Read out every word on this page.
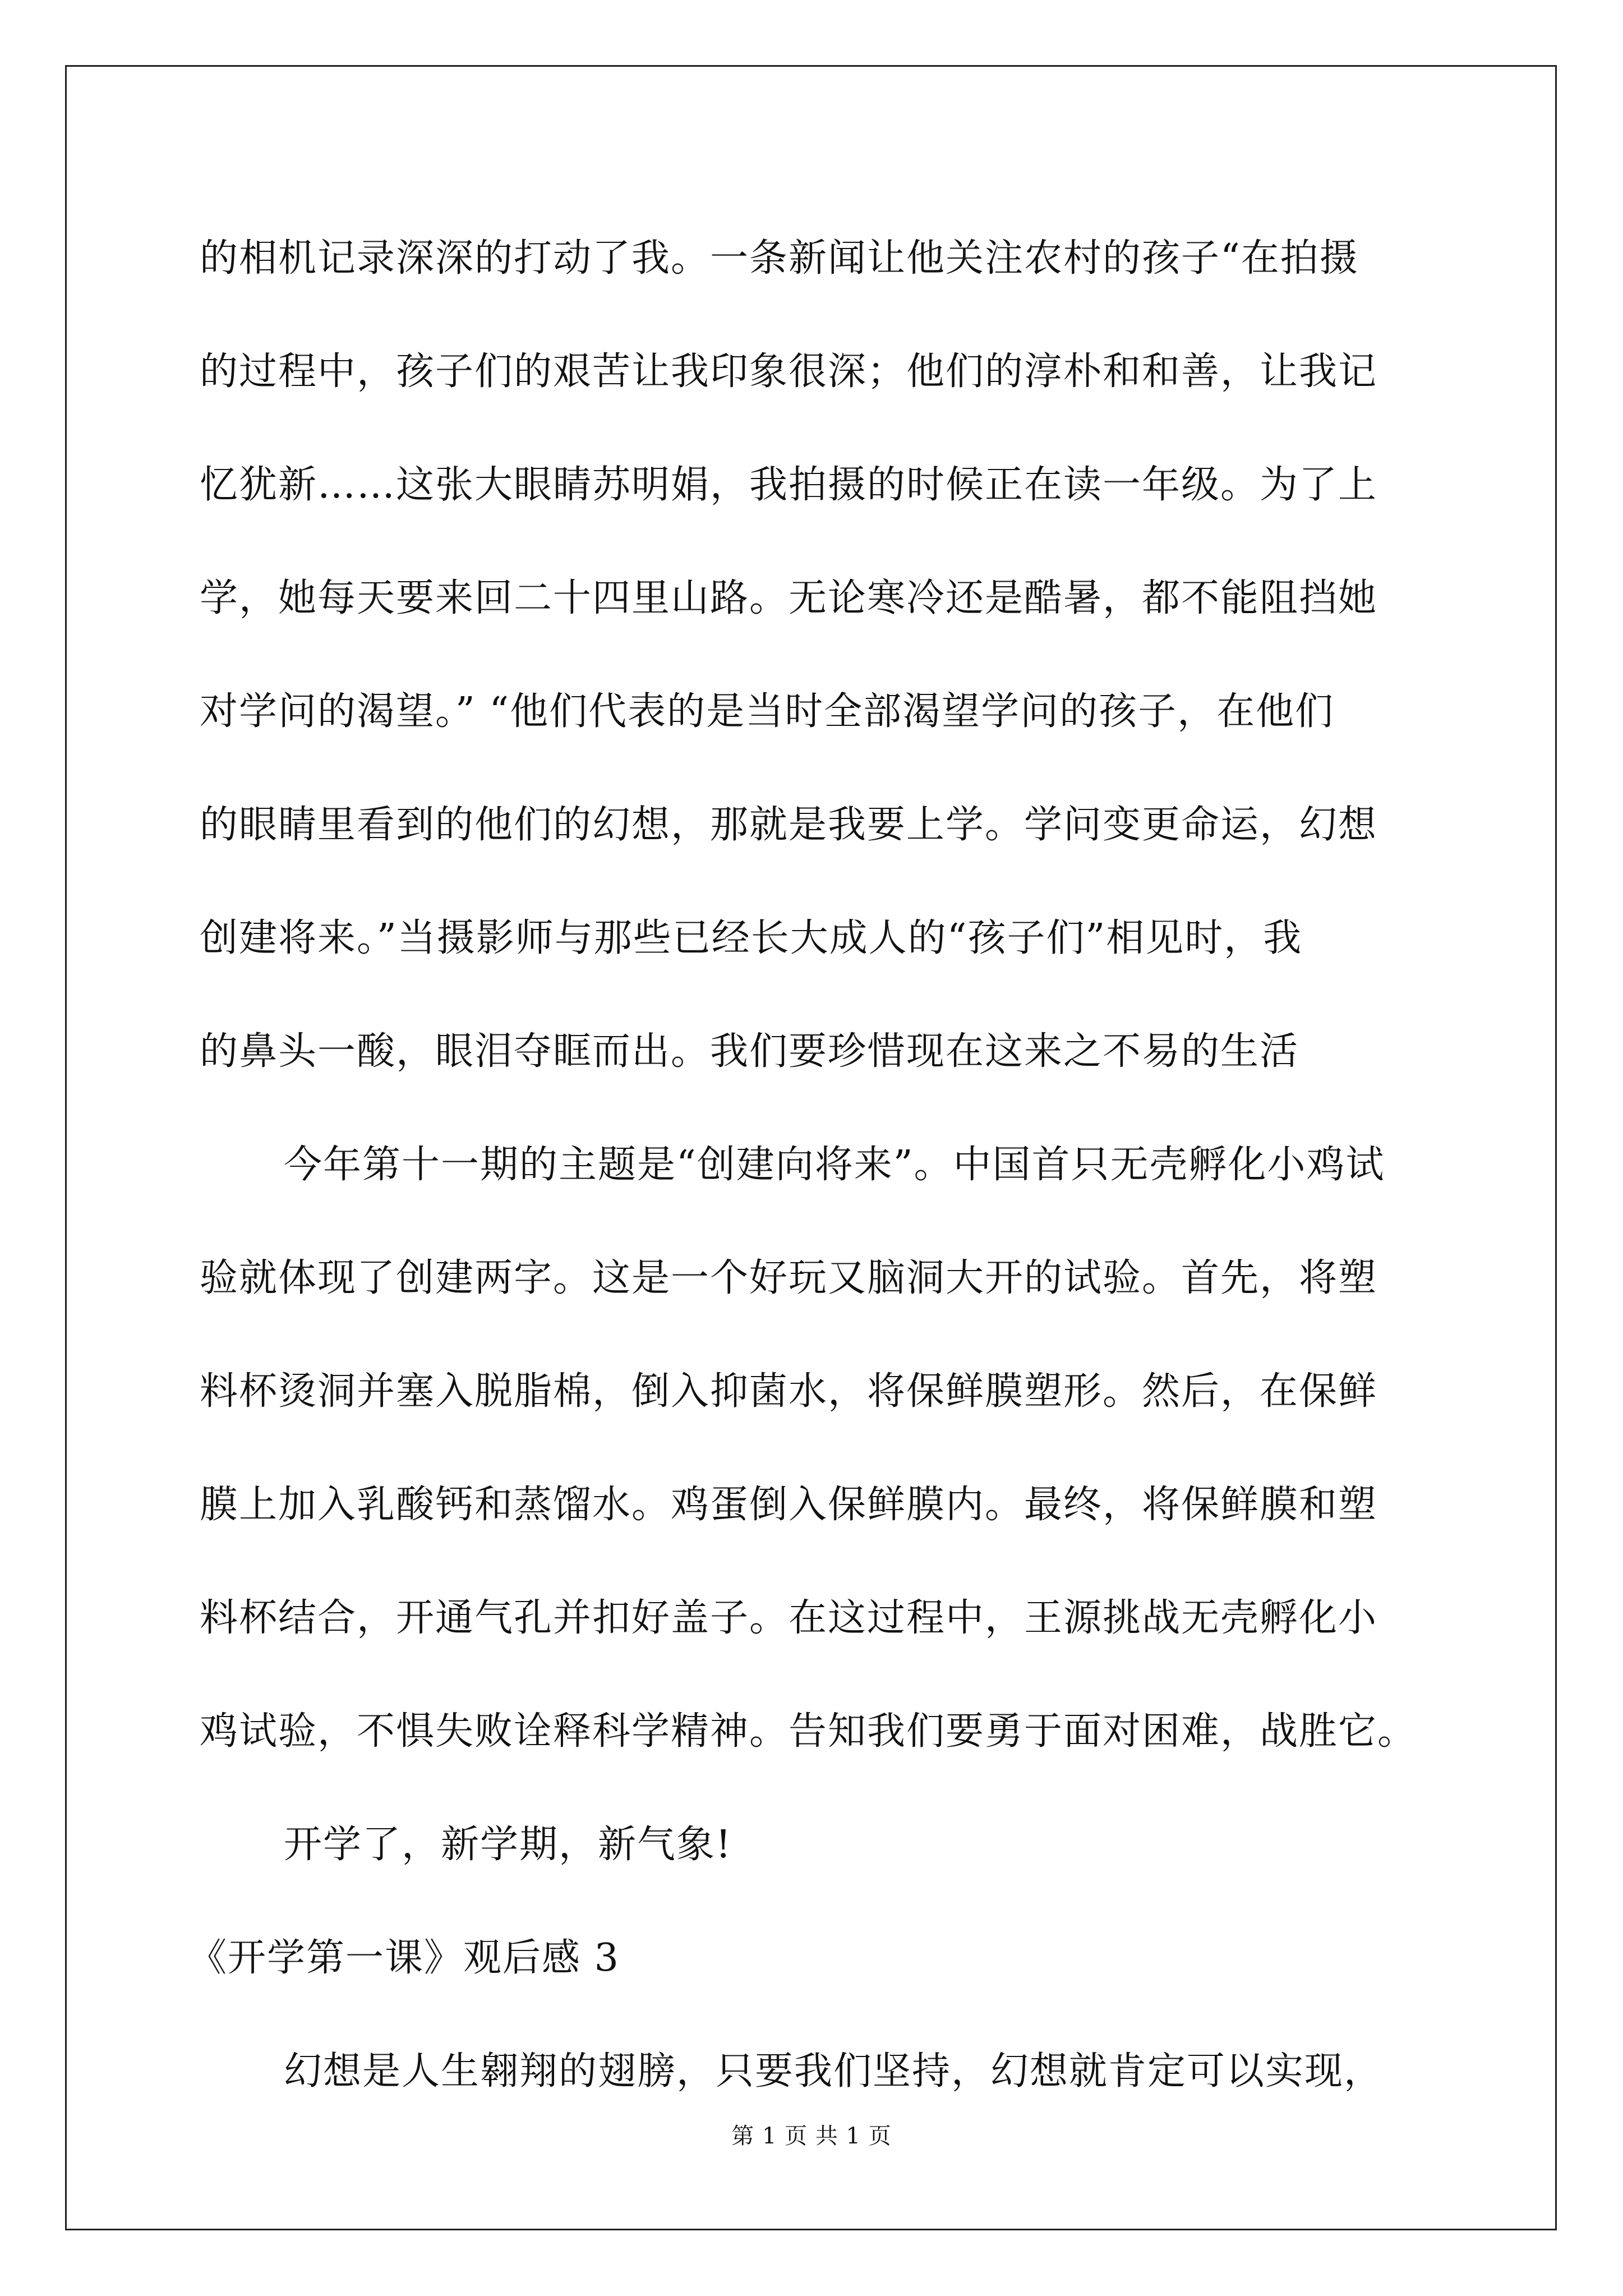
的相机记录深深的打动了我。一条新闻让他关注农村的孩子“在拍摄
的过程中，孩子们的艰苦让我印象很深；他们的淳朴和和善，让我记
忆犹新……这张大眼睛苏明娟，我拍摄的时候正在读一年级。为了上
学，她每天要来回二十四里山路。无论寒冷还是酷暑，都不能阻挡她
对学问的渴望。” “他们代表的是当时全部渴望学问的孩子，在他们
的眼睛里看到的他们的幻想，那就是我要上学。学问变更命运，幻想
创建将来。”当摄影师与那些已经长大成人的“孩子们”相见时，我
的鼻头一酸，眼泪夺眶而出。我们要珍惜现在这来之不易的生活
今年第十一期的主题是“创建向将来”。中国首只无壳孵化小鸡试
验就体现了创建两字。这是一个好玩又脑洞大开的试验。首先，将塑
料杯烫洞并塞入脱脂棉，倒入抑菌水，将保鲜膜塑形。然后，在保鲜
膜上加入乳酸钙和蒸馏水。鸡蛋倒入保鲜膜内。最终，将保鲜膜和塑
料杯结合，开通气孔并扣好盖子。在这过程中，王源挑战无壳孵化小
鸡试验，不惧失败诠释科学精神。告知我们要勇于面对困难，战胜它。
开学了，新学期，新气象!
《开学第一课》观后感 3
幻想是人生翱翔的翅膀，只要我们坚持，幻想就肯定可以实现，
第 1 页 共 1 页
